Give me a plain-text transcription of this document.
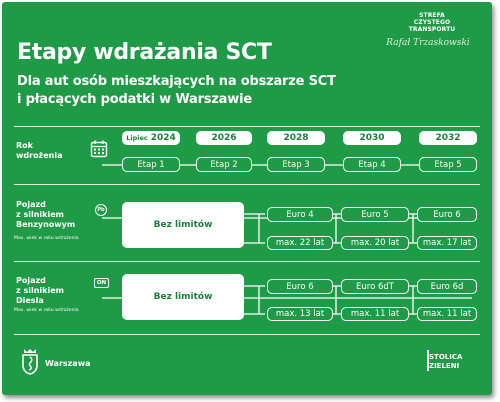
STREFA
CZYSTEGO
TRANSPORTU
Rafał Trzaskowski
Etapy wdrażania SCT
Dla aut osób mieszkających na obszarze SCT
i płacących podatki w Warszawie
Rok
wdrożenia
Lipiec 2024	2026	2028	2030	2032
Etap 1	Etap 2	Etap 3	Etap 4	Etap 5
Pojazd
z silnikiem
Benzynowym
Max. wiek w roku wdrożenia
Pb
Bez limitów
Euro 4	Euro 5	Euro 6
max. 22 lat	max. 20 lat	max. 17 lat
Pojazd
z silnikiem
Diesla
Max. wiek w roku wdrożenia
ON
Bez limitów
Euro 6	Euro 6dT	Euro 6d
max. 13 lat	max. 11 lat	max. 11 lat
Warszawa
STOLICA
ZIELENI
